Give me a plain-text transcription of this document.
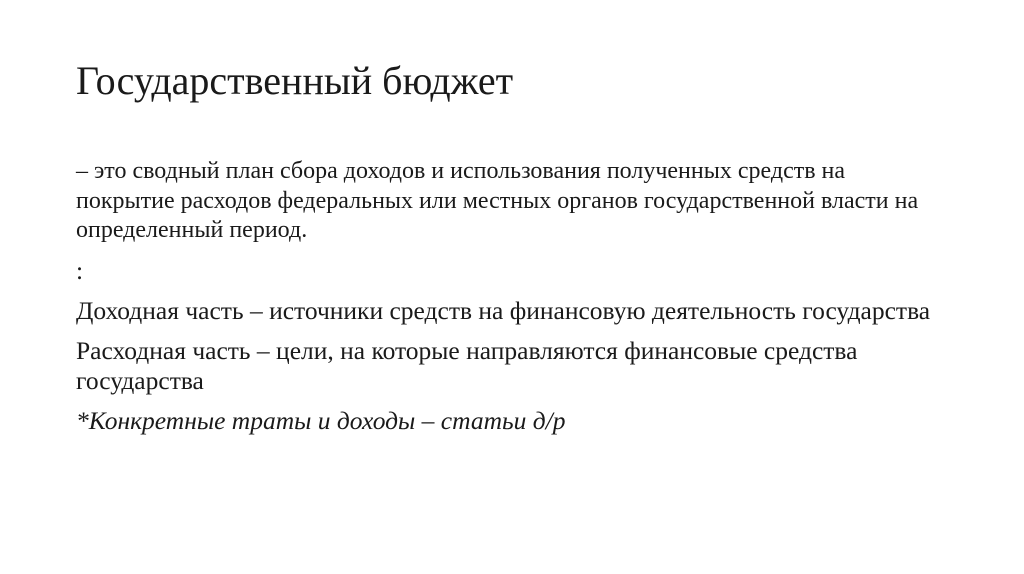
Государственный бюджет

– это сводный план сбора доходов и использования полученных средств на покрытие расходов федеральных или местных органов государственной власти на определенный период.

:

Доходная часть – источники средств на финансовую деятельность государства

Расходная часть – цели, на которые направляются финансовые средства государства

*Конкретные траты и доходы – статьи д/р
